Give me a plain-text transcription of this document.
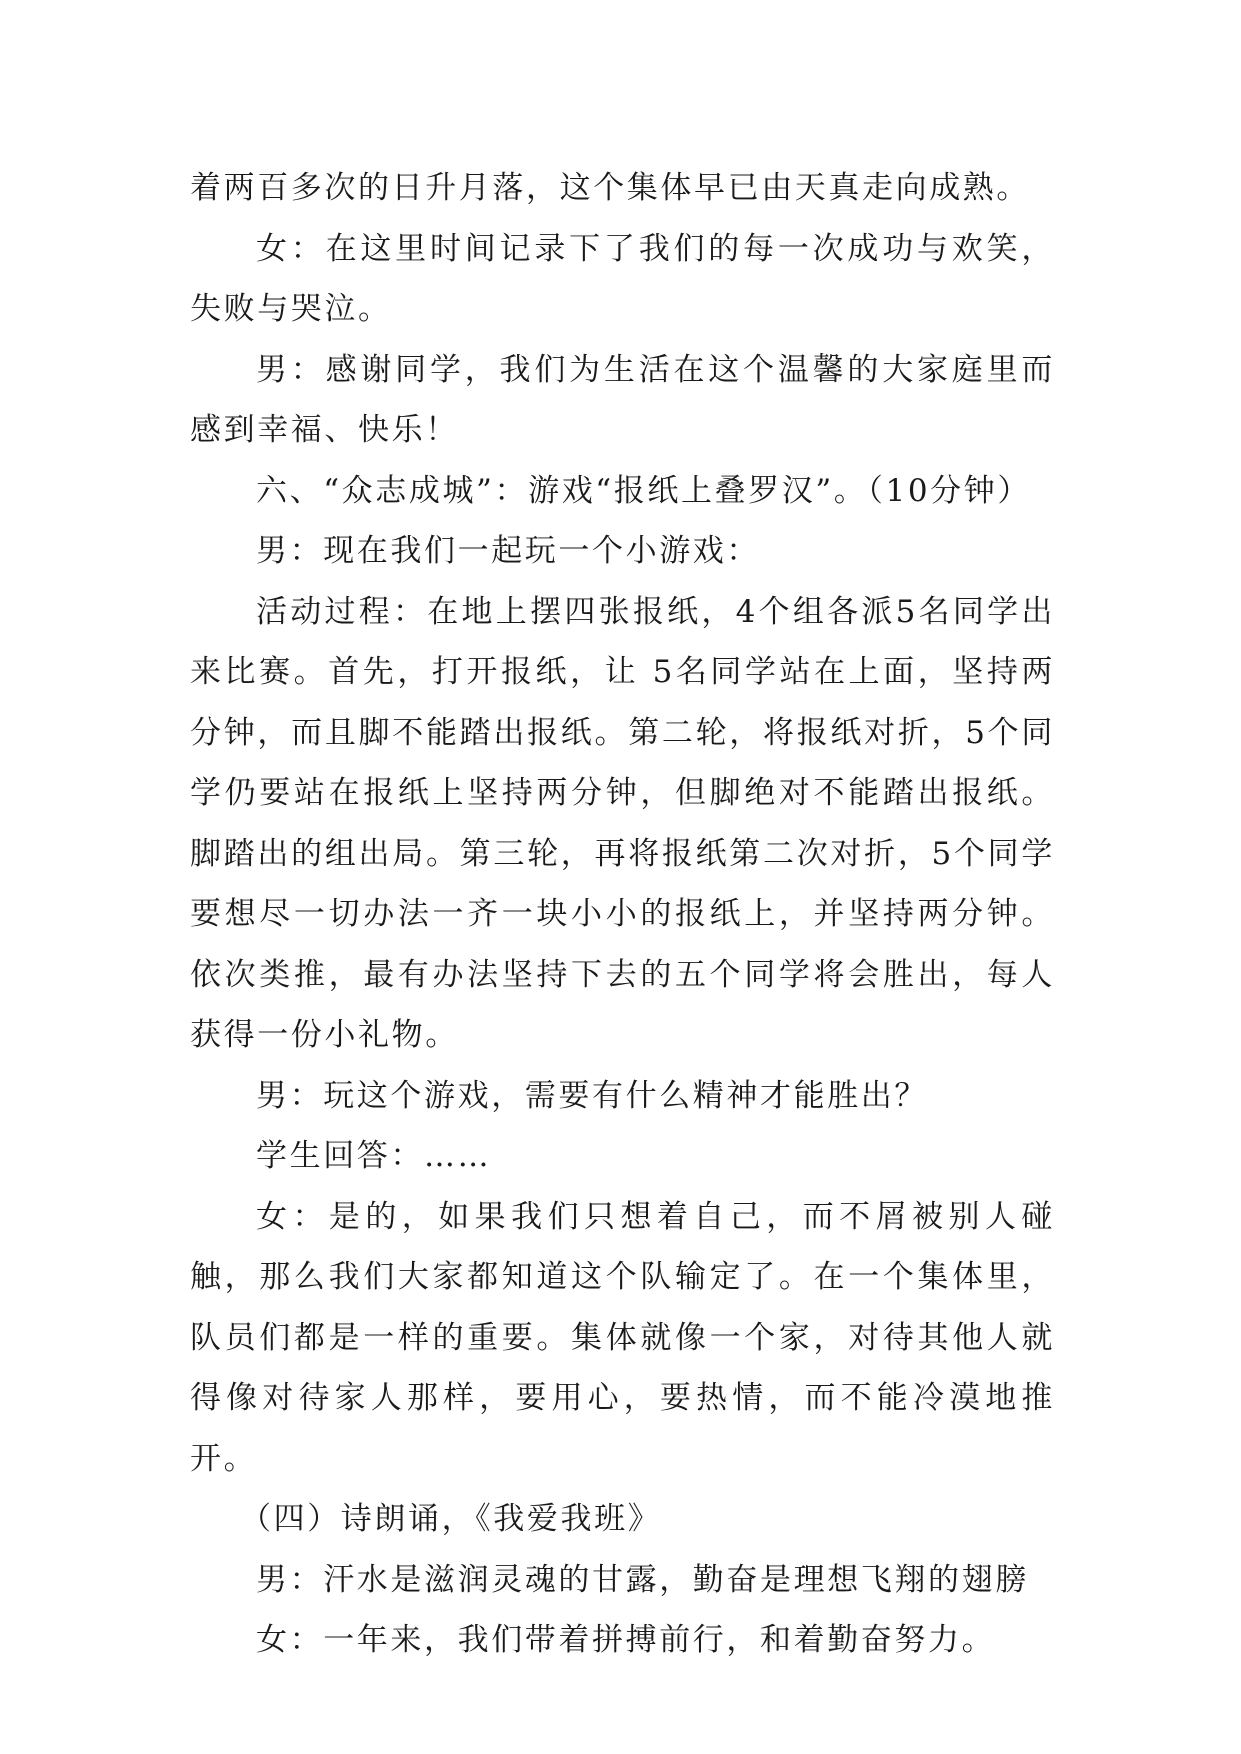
着两百多次的日升月落，这个集体早已由天真走向成熟。

女：在这里时间记录下了我们的每一次成功与欢笑，失败与哭泣。

男：感谢同学，我们为生活在这个温馨的大家庭里而感到幸福、快乐！

六、“众志成城”：游戏“报纸上叠罗汉”。（10分钟）

男：现在我们一起玩一个小游戏：

活动过程：在地上摆四张报纸，4个组各派5名同学出来比赛。首先，打开报纸，让 5名同学站在上面，坚持两分钟，而且脚不能踏出报纸。第二轮，将报纸对折，5个同学仍要站在报纸上坚持两分钟，但脚绝对不能踏出报纸。脚踏出的组出局。第三轮，再将报纸第二次对折，5个同学要想尽一切办法一齐一块小小的报纸上，并坚持两分钟。依次类推，最有办法坚持下去的五个同学将会胜出，每人获得一份小礼物。

男：玩这个游戏，需要有什么精神才能胜出？

学生回答：……

女：是的，如果我们只想着自己，而不屑被别人碰触，那么我们大家都知道这个队输定了。在一个集体里，队员们都是一样的重要。集体就像一个家，对待其他人就得像对待家人那样，要用心，要热情，而不能冷漠地推开。

（四）诗朗诵，《我爱我班》

男：汗水是滋润灵魂的甘露，勤奋是理想飞翔的翅膀

女：一年来，我们带着拼搏前行，和着勤奋努力。
